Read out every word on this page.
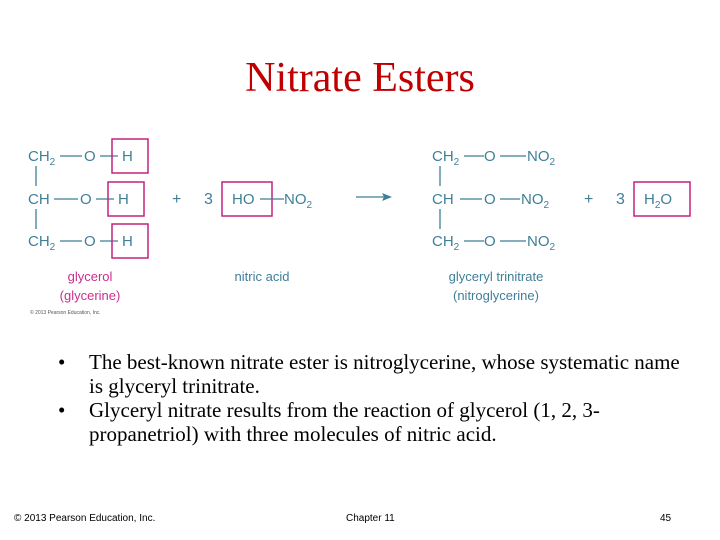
Nitrate Esters
$CH_2$ O H
CH O H
$CH_2$ O H
glycerol
(glycerine)
+ 3 HO $NO_2$
nitric acid
$CH_2$ O $NO_2$
CH O $NO_2$
$CH_2$ O $NO_2$
glyceryl trinitrate
(nitroglycerine)
+ 3 $H_2O$
© 2013 Pearson Education, Inc.
• The best-known nitrate ester is nitroglycerine, whose systematic name is glyceryl trinitrate.
• Glyceryl nitrate results from the reaction of glycerol (1, 2, 3-propanetriol) with three molecules of nitric acid.
© 2013 Pearson Education, Inc.	Chapter 11	45
